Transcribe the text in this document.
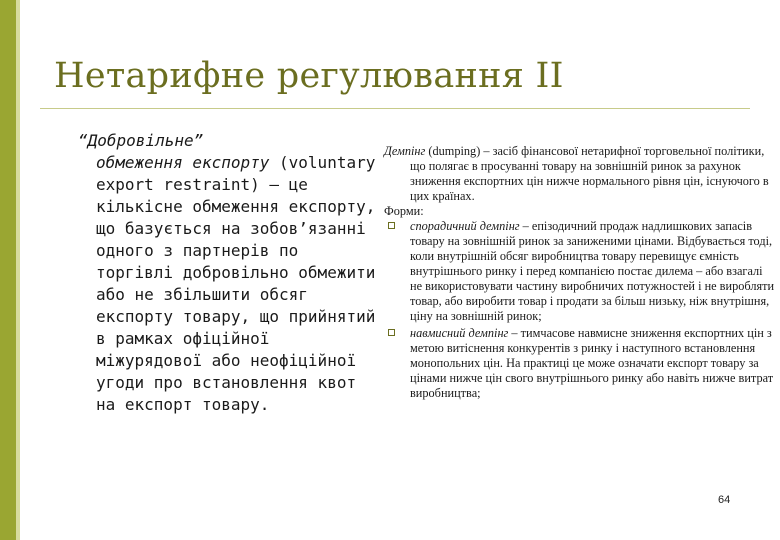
Нетарифне регулювання II
“Добровільне”
обмеження експорту (voluntary export restraint) – це кількісне обмеження експорту, що базується на зобов’язанні одного з партнерів по торгівлі добровільно обмежити або не збільшити обсяг експорту товару, що прийнятий в рамках офіційної міжурядової або неофіційної угоди про встановлення квот на експорт товару.
Демпінг (dumping) – засіб фінансової нетарифної торговельної політики, що полягає в просуванні товару на зовнішній ринок за рахунок зниження експортних цін нижче нормального рівня цін, існуючого в цих країнах.
Форми:
спорадичний демпінг – епізодичний продаж надлишкових запасів товару на зовнішній ринок за заниженими цінами. Відбувається тоді, коли внутрішній обсяг виробництва товару перевищує ємність внутрішнього ринку і перед компанією постає дилема – або взагалі не використовувати частину виробничих потужностей і не виробляти товар, або виробити товар і продати за більш низьку, ніж внутрішня, ціну на зовнішній ринок;
навмисний демпінг – тимчасове навмисне зниження експортних цін з метою витіснення конкурентів з ринку і наступного встановлення монопольних цін. На практиці це може означати експорт товару за цінами нижче цін свого внутрішнього ринку або навіть нижче витрат виробництва;
64
